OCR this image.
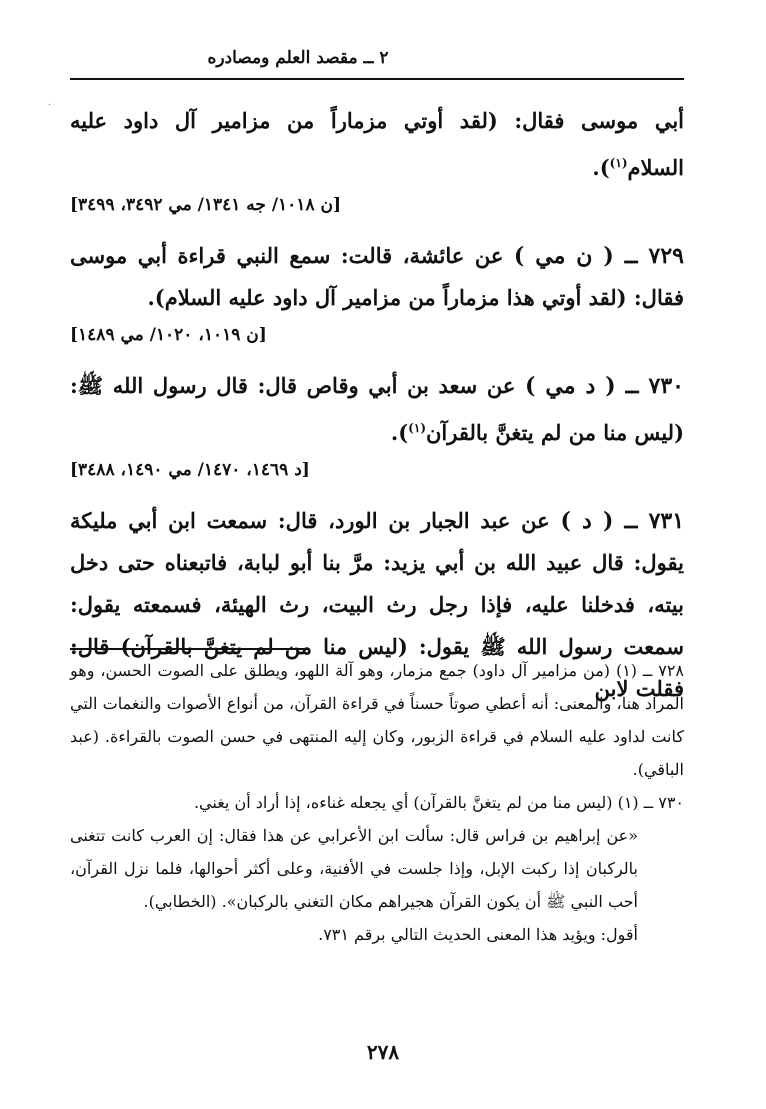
٢ ــ مقصد العلم ومصادره
·

أبي موسى فقال: (لقد أوتي مزماراً من مزامير آل داود عليه السلام$^{(١)}$).

[ن ١٠١٨/ جه ١٣٤١/ مي ٣٤٩٢، ٣٤٩٩]

٧٢٩ ــ ( ن مي ) عن عائشة، قالت: سمع النبي قراءة أبي موسى فقال: (لقد أوتي هذا مزماراً من مزامير آل داود عليه السلام).

[ن ١٠١٩، ١٠٢٠/ مي ١٤٨٩]

٧٣٠ ــ ( د مي ) عن سعد بن أبي وقاص قال: قال رسول الله ﷺ: (ليس منا من لم يتغنَّ بالقرآن$^{(١)}$).

[د ١٤٦٩، ١٤٧٠/ مي ١٤٩٠، ٣٤٨٨]

٧٣١ ــ ( د ) عن عبد الجبار بن الورد، قال: سمعت ابن أبي مليكة يقول: قال عبيد الله بن أبي يزيد: مرَّ بنا أبو لبابة، فاتبعناه حتى دخل بيته، فدخلنا عليه، فإذا رجل رث البيت، رث الهيئة، فسمعته يقول: سمعت رسول الله ﷺ يقول: (ليس منا من لم يتغنَّ بالقرآن) قال: فقلت لابن

٧٢٨ ــ (١) (من مزامير آل داود) جمع مزمار، وهو آلة اللهو، ويطلق على الصوت الحسن، وهو المراد هنا، والمعنى: أنه أعطي صوتاً حسناً في قراءة القرآن، من أنواع الأصوات والنغمات التي كانت لداود عليه السلام في قراءة الزبور، وكان إليه المنتهى في حسن الصوت بالقراءة. (عبد الباقي).

٧٣٠ ــ (١) (ليس منا من لم يتغنَّ بالقرآن) أي يجعله غناءه، إذا أراد أن يغني.

«عن إبراهيم بن فراس قال: سألت ابن الأعرابي عن هذا فقال: إن العرب كانت تتغنى بالركبان إذا ركبت الإبل، وإذا جلست في الأفنية، وعلى أكثر أحوالها، فلما نزل القرآن، أحب النبي ﷺ أن يكون القرآن هجيراهم مكان التغني بالركبان». (الخطابي).

أقول: ويؤيد هذا المعنى الحديث التالي برقم ٧٣١.

٢٧٨
